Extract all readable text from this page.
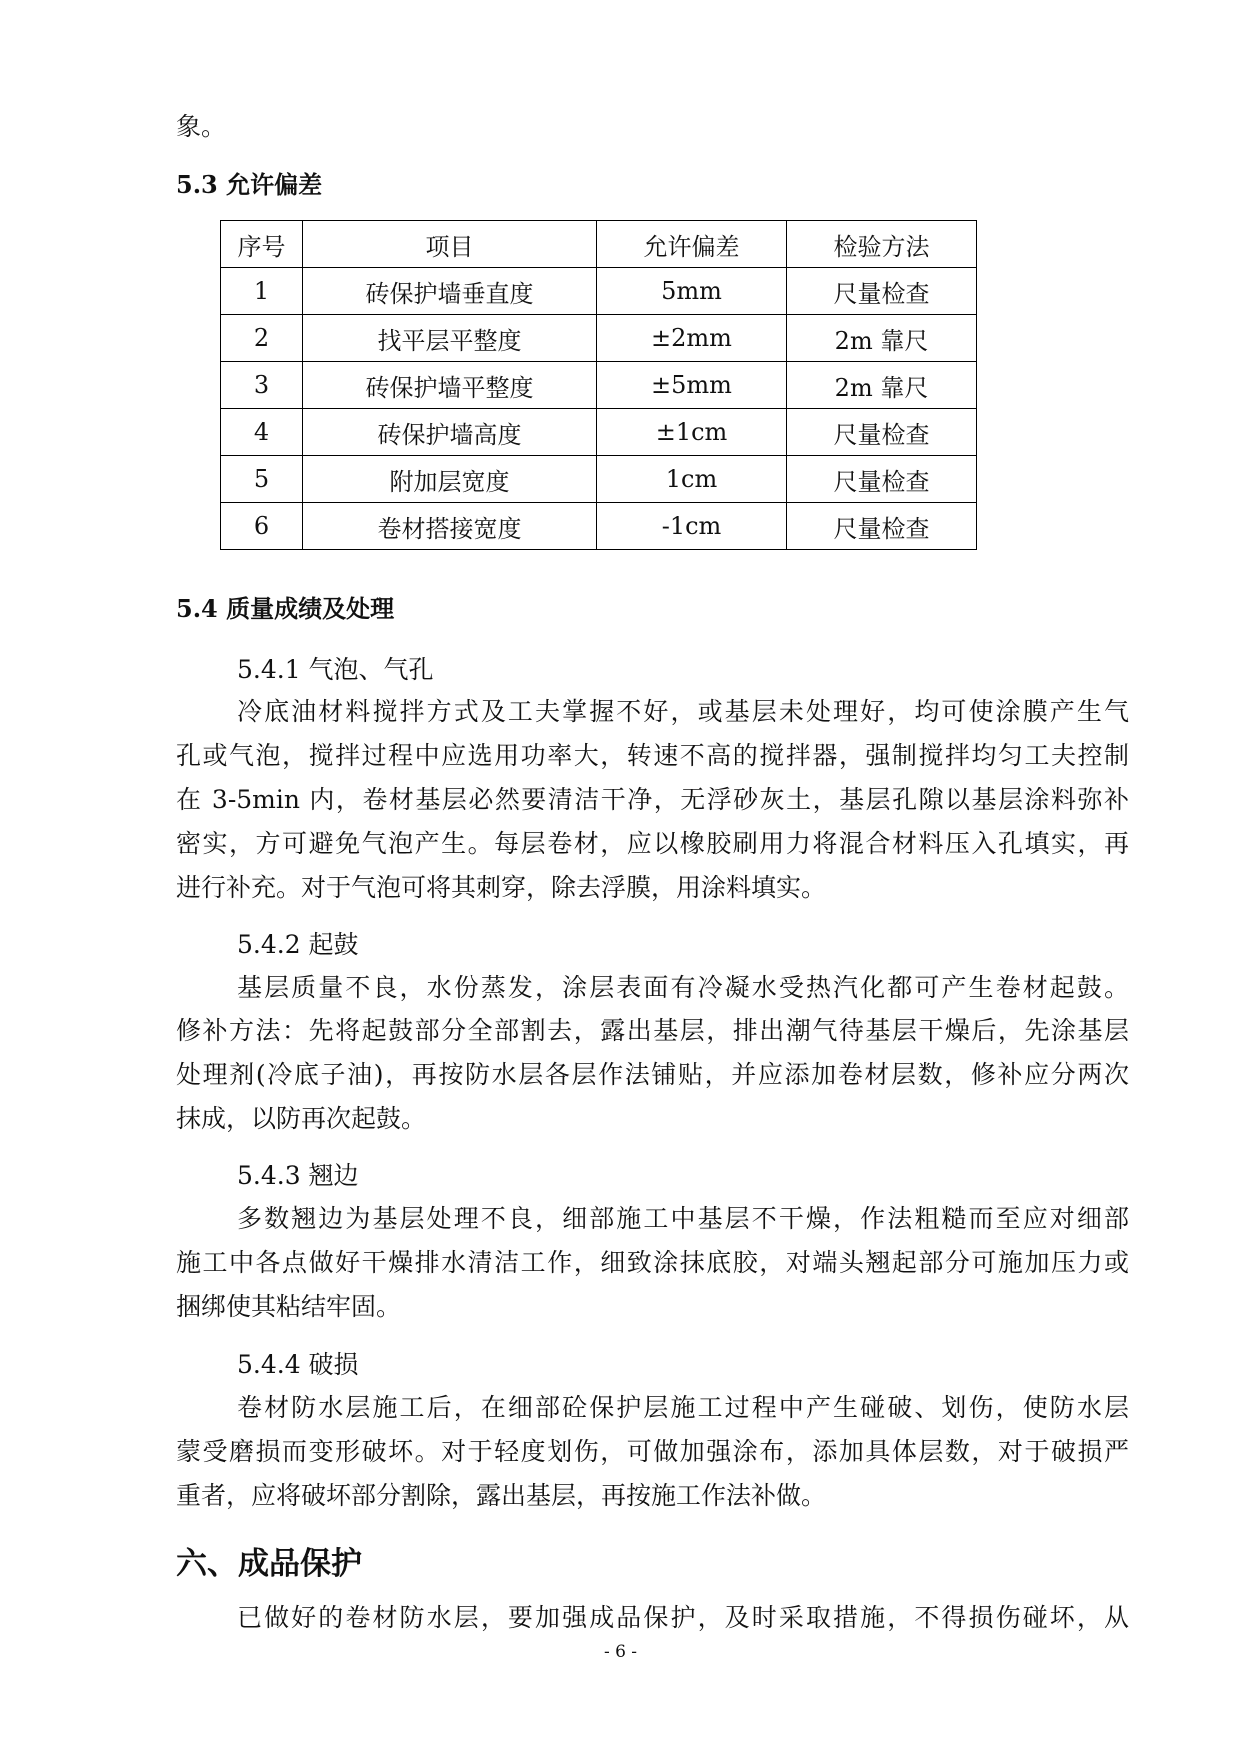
象。
5.3 允许偏差
序号	项目	允许偏差	检验方法
1	砖保护墙垂直度	5mm	尺量检查
2	找平层平整度	±2mm	2m 靠尺
3	砖保护墙平整度	±5mm	2m 靠尺
4	砖保护墙高度	±1cm	尺量检查
5	附加层宽度	1cm	尺量检查
6	卷材搭接宽度	-1cm	尺量检查
5.4 质量成绩及处理
5.4.1 气泡、气孔
冷底油材料搅拌方式及工夫掌握不好，或基层未处理好，均可使涂膜产生气
孔或气泡，搅拌过程中应选用功率大，转速不高的搅拌器，强制搅拌均匀工夫控制
在 3-5min 内，卷材基层必然要清洁干净，无浮砂灰土，基层孔隙以基层涂料弥补
密实，方可避免气泡产生。每层卷材，应以橡胶刷用力将混合材料压入孔填实，再
进行补充。对于气泡可将其刺穿，除去浮膜，用涂料填实。
5.4.2 起鼓
基层质量不良，水份蒸发，涂层表面有冷凝水受热汽化都可产生卷材起鼓。
修补方法：先将起鼓部分全部割去，露出基层，排出潮气待基层干燥后，先涂基层
处理剂(冷底子油)，再按防水层各层作法铺贴，并应添加卷材层数，修补应分两次
抹成，以防再次起鼓。
5.4.3 翘边
多数翘边为基层处理不良，细部施工中基层不干燥，作法粗糙而至应对细部
施工中各点做好干燥排水清洁工作，细致涂抹底胶，对端头翘起部分可施加压力或
捆绑使其粘结牢固。
5.4.4 破损
卷材防水层施工后，在细部砼保护层施工过程中产生碰破、划伤，使防水层
蒙受磨损而变形破坏。对于轻度划伤，可做加强涂布，添加具体层数，对于破损严
重者，应将破坏部分割除，露出基层，再按施工作法补做。
六、成品保护
已做好的卷材防水层，要加强成品保护，及时采取措施，不得损伤碰坏，从
- 6 -
